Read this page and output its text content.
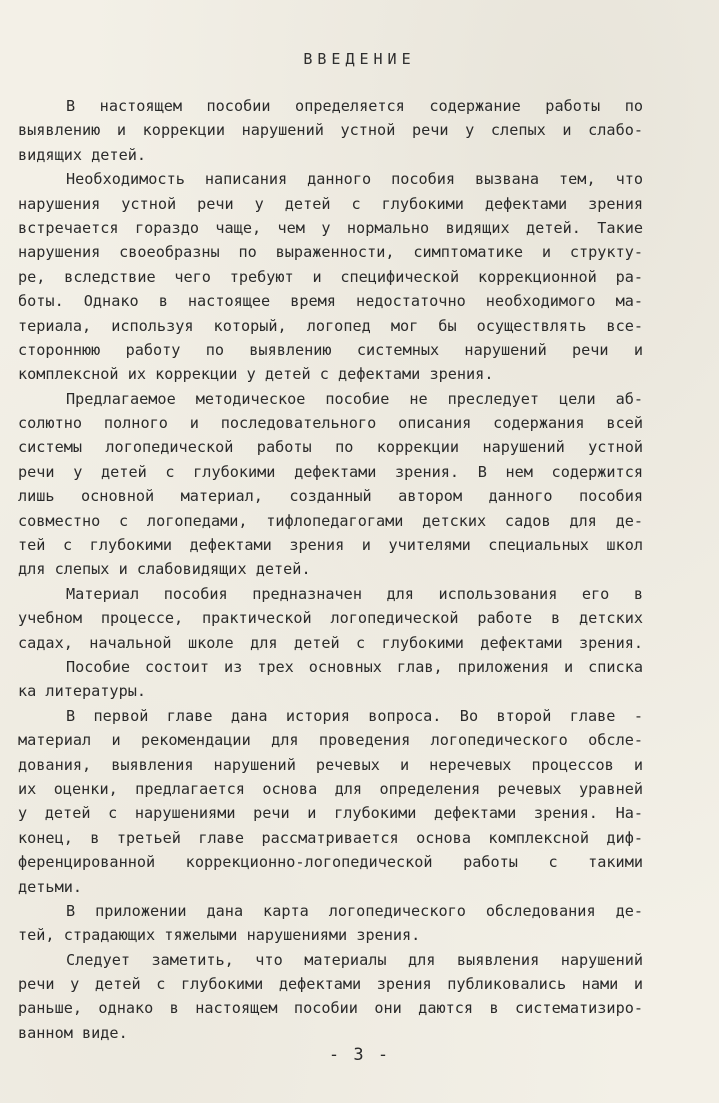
ВВЕДЕНИЕ
В настоящем пособии определяется содержание работы по
выявлению и коррекции нарушений устной речи у слепых и слабо-
видящих детей.
Необходимость написания данного пособия вызвана тем, что
нарушения устной речи у детей с глубокими дефектами зрения
встречается гораздо чаще, чем у нормально видящих детей. Такие
нарушения своеобразны по выраженности, симптоматике и структу-
ре, вследствие чего требуют и специфической коррекционной ра-
боты. Однако в настоящее время недостаточно необходимого ма-
териала, используя который, логопед мог бы осуществлять все-
стороннюю работу по выявлению системных нарушений речи и
комплексной их коррекции у детей с дефектами зрения.
Предлагаемое методическое пособие не преследует цели аб-
солютно полного и последовательного описания содержания всей
системы логопедической работы по коррекции нарушений устной
речи у детей с глубокими дефектами зрения. В нем содержится
лишь основной материал, созданный автором данного пособия
совместно с логопедами, тифлопедагогами детских садов для де-
тей с глубокими дефектами зрения и учителями специальных школ
для слепых и слабовидящих детей.
Материал пособия предназначен для использования его в
учебном процессе, практической логопедической работе в детских
садах, начальной школе для детей с глубокими дефектами зрения.
Пособие состоит из трех основных глав, приложения и списка
ка литературы.
В первой главе дана история вопроса. Во второй главе -
материал и рекомендации для проведения логопедического обсле-
дования, выявления нарушений речевых и неречевых процессов и
их оценки, предлагается основа для определения речевых уравней
у детей с нарушениями речи и глубокими дефектами зрения. На-
конец, в третьей главе рассматривается основа комплексной диф-
ференцированной коррекционно-логопедической работы с такими
детьми.
В приложении дана карта логопедического обследования де-
тей, страдающих тяжелыми нарушениями зрения.
Следует заметить, что материалы для выявления нарушений
речи у детей с глубокими дефектами зрения публиковались нами и
раньше, однако в настоящем пособии они даются в систематизиро-
ванном виде.
- 3 -
